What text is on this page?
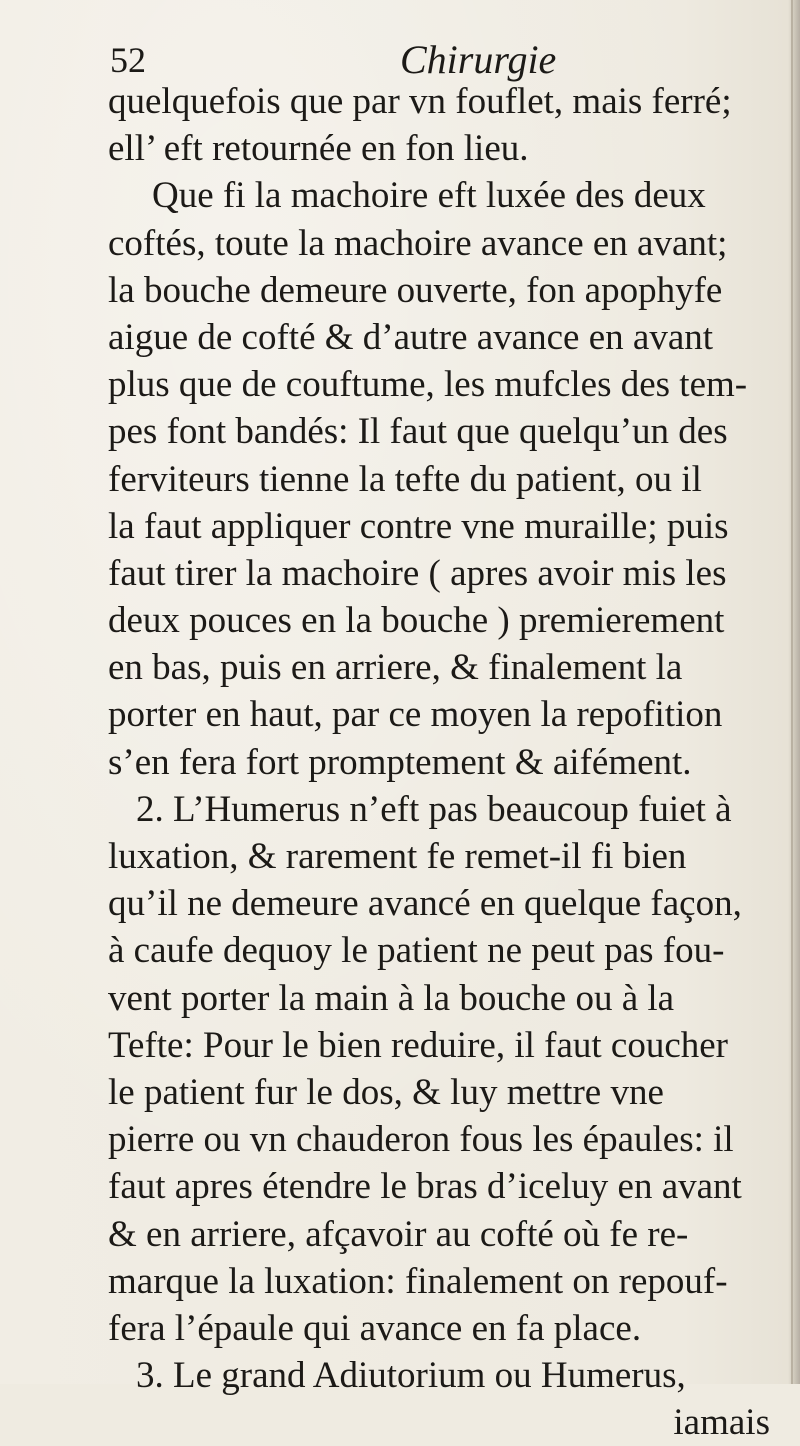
52	Chirurgie
quelquefois que par vn fouflet, mais ferré;
ell’ eft retournée en fon lieu.
Que fi la machoire eft luxée des deux
coftés, toute la machoire avance en avant;
la bouche demeure ouverte, fon apophyfe
aigue de cofté & d’autre avance en avant
plus que de couftume, les mufcles des tem-
pes font bandés: Il faut que quelqu’un des
ferviteurs tienne la tefte du patient, ou il
la faut appliquer contre vne muraille; puis
faut tirer la machoire ( apres avoir mis les
deux pouces en la bouche ) premierement
en bas, puis en arriere, & finalement la
porter en haut, par ce moyen la repofition
s’en fera fort promptement & aifément.
2. L’Humerus n’eft pas beaucoup fuiet à
luxation, & rarement fe remet-il fi bien
qu’il ne demeure avancé en quelque façon,
à caufe dequoy le patient ne peut pas fou-
vent porter la main à la bouche ou à la
Tefte: Pour le bien reduire, il faut coucher
le patient fur le dos, & luy mettre vne
pierre ou vn chauderon fous les épaules: il
faut apres étendre le bras d’iceluy en avant
& en arriere, afçavoir au cofté où fe re-
marque la luxation: finalement on repouf-
fera l’épaule qui avance en fa place.
3. Le grand Adiutorium ou Humerus,
iamais
